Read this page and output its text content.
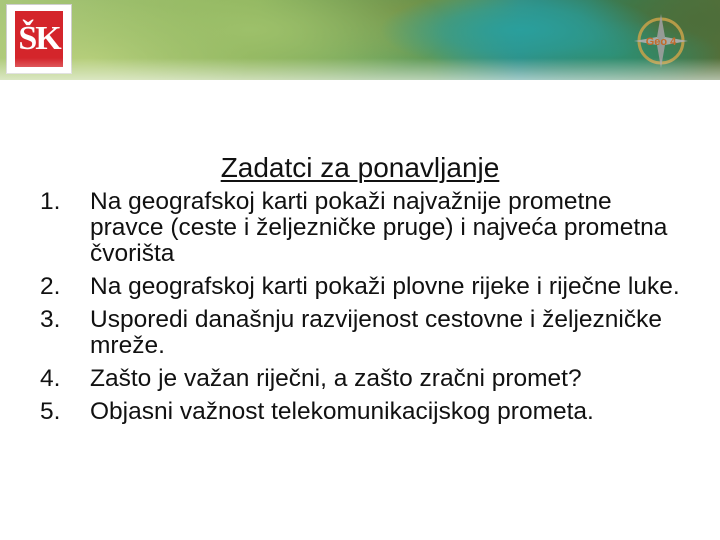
ŠK	Geo 4
Zadatci za ponavljanje
1. Na geografskoj karti pokaži najvažnije prometne pravce (ceste i željezničke pruge) i najveća prometna čvorišta
2. Na geografskoj karti pokaži plovne rijeke i riječne luke.
3. Usporedi današnju razvijenost cestovne i željezničke mreže.
4. Zašto je važan riječni, a zašto zračni promet?
5. Objasni važnost telekomunikacijskog prometa.
